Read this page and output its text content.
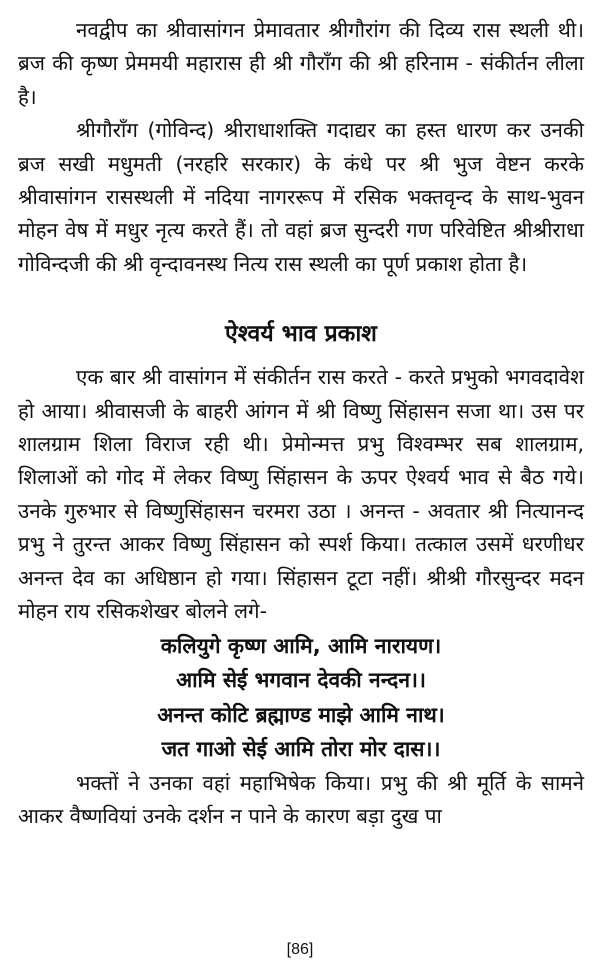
नवद्वीप का श्रीवासांगन प्रेमावतार श्रीगौरांग की दिव्य रास स्थली थी। ब्रज की कृष्ण प्रेममयी महारास ही श्री गौराँग की श्री हरिनाम - संकीर्तन लीला है।

श्रीगौराँग (गोविन्द) श्रीराधाशक्ति गदाद्यर का हस्त धारण कर उनकी ब्रज सखी मधुमती (नरहरि सरकार) के कंधे पर श्री भुज वेष्टन करके श्रीवासांगन रासस्थली में नदिया नागररूप में रसिक भक्तवृन्द के साथ-भुवन मोहन वेष में मधुर नृत्य करते हैं। तो वहां ब्रज सुन्दरी गण परिवेष्टित श्रीश्रीराधा गोविन्दजी की श्री वृन्दावनस्थ नित्य रास स्थली का पूर्ण प्रकाश होता है।

ऐश्वर्य भाव प्रकाश

एक बार श्री वासांगन में संकीर्तन रास करते - करते प्रभुको भगवदावेश हो आया। श्रीवासजी के बाहरी आंगन में श्री विष्णु सिंहासन सजा था। उस पर शालग्राम शिला विराज रही थी। प्रेमोन्मत्त प्रभु विश्वम्भर सब शालग्राम, शिलाओं को गोद में लेकर विष्णु सिंहासन के ऊपर ऐश्वर्य भाव से बैठ गये। उनके गुरुभार से विष्णुसिंहासन चरमरा उठा । अनन्त - अवतार श्री नित्यानन्द प्रभु ने तुरन्त आकर विष्णु सिंहासन को स्पर्श किया। तत्काल उसमें धरणीधर अनन्त देव का अधिष्ठान हो गया। सिंहासन टूटा नहीं। श्रीश्री गौरसुन्दर मदन मोहन राय रसिकशेखर बोलने लगे-

कलियुगे कृष्ण आमि, आमि नारायण।
आमि सेई भगवान देवकी नन्दन।।
अनन्त कोटि ब्रह्माण्ड माझे आमि नाथ।
जत गाओ सेई आमि तोरा मोर दास।।

भक्तों ने उनका वहां महाभिषेक किया। प्रभु की श्री मूर्ति के सामने आकर वैष्णवियां उनके दर्शन न पाने के कारण बड़ा दुख पा

[86]
